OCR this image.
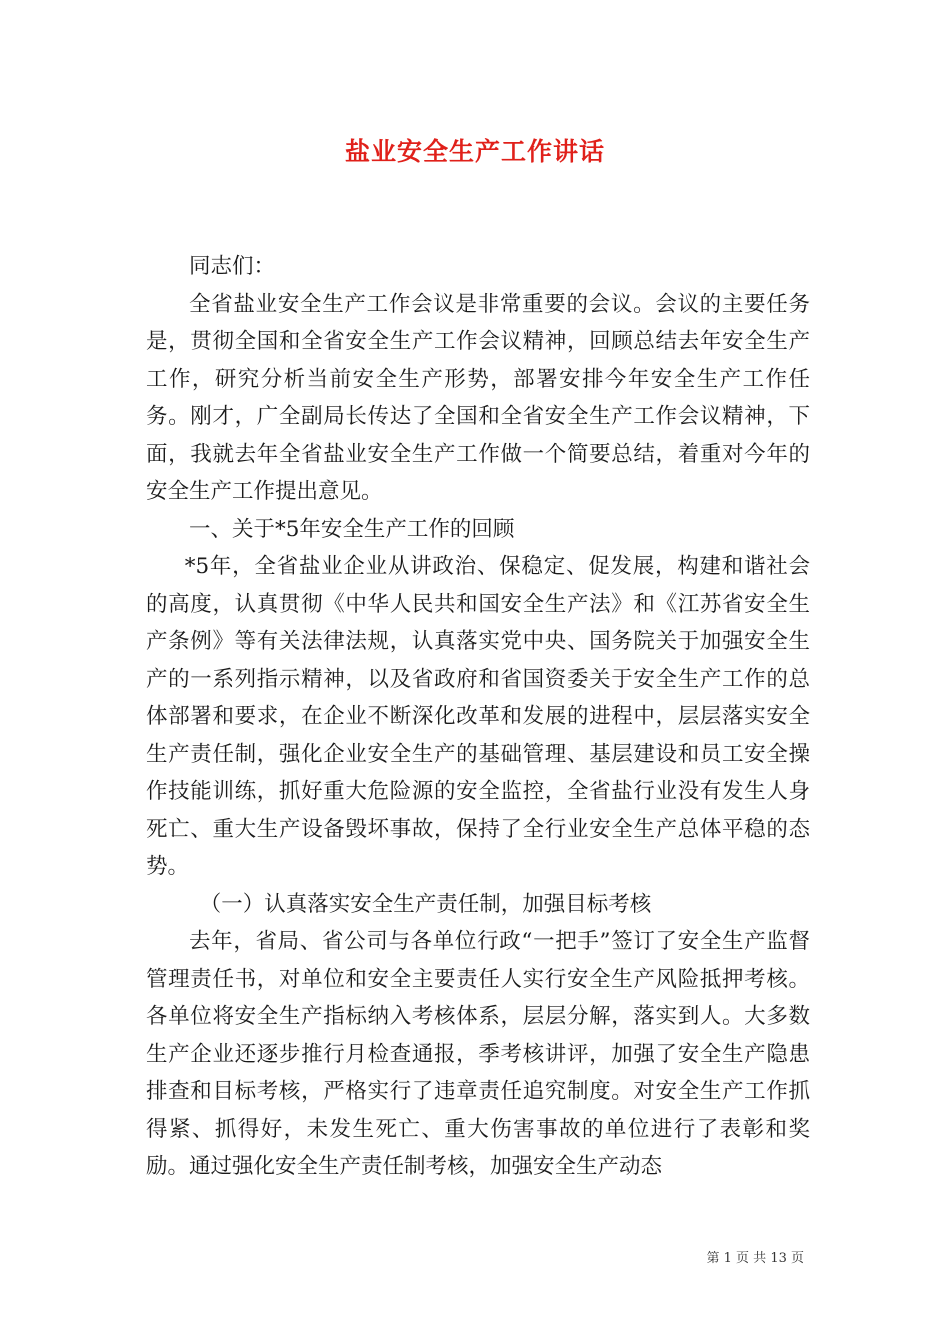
盐业安全生产工作讲话

同志们：

全省盐业安全生产工作会议是非常重要的会议。会议的主要任务是，贯彻全国和全省安全生产工作会议精神，回顾总结去年安全生产工作，研究分析当前安全生产形势，部署安排今年安全生产工作任务。刚才，广全副局长传达了全国和全省安全生产工作会议精神，下面，我就去年全省盐业安全生产工作做一个简要总结，着重对今年的安全生产工作提出意见。

一、关于*5年安全生产工作的回顾

*5年，全省盐业企业从讲政治、保稳定、促发展，构建和谐社会的高度，认真贯彻《中华人民共和国安全生产法》和《江苏省安全生产条例》等有关法律法规，认真落实党中央、国务院关于加强安全生产的一系列指示精神，以及省政府和省国资委关于安全生产工作的总体部署和要求，在企业不断深化改革和发展的进程中，层层落实安全生产责任制，强化企业安全生产的基础管理、基层建设和员工安全操作技能训练，抓好重大危险源的安全监控，全省盐行业没有发生人身死亡、重大生产设备毁坏事故，保持了全行业安全生产总体平稳的态势。

（一）认真落实安全生产责任制，加强目标考核

去年，省局、省公司与各单位行政“一把手”签订了安全生产监督管理责任书，对单位和安全主要责任人实行安全生产风险抵押考核。各单位将安全生产指标纳入考核体系，层层分解，落实到人。大多数生产企业还逐步推行月检查通报，季考核讲评，加强了安全生产隐患排查和目标考核，严格实行了违章责任追究制度。对安全生产工作抓得紧、抓得好，未发生死亡、重大伤害事故的单位进行了表彰和奖励。通过强化安全生产责任制考核，加强安全生产动态

第 1 页 共 13 页
